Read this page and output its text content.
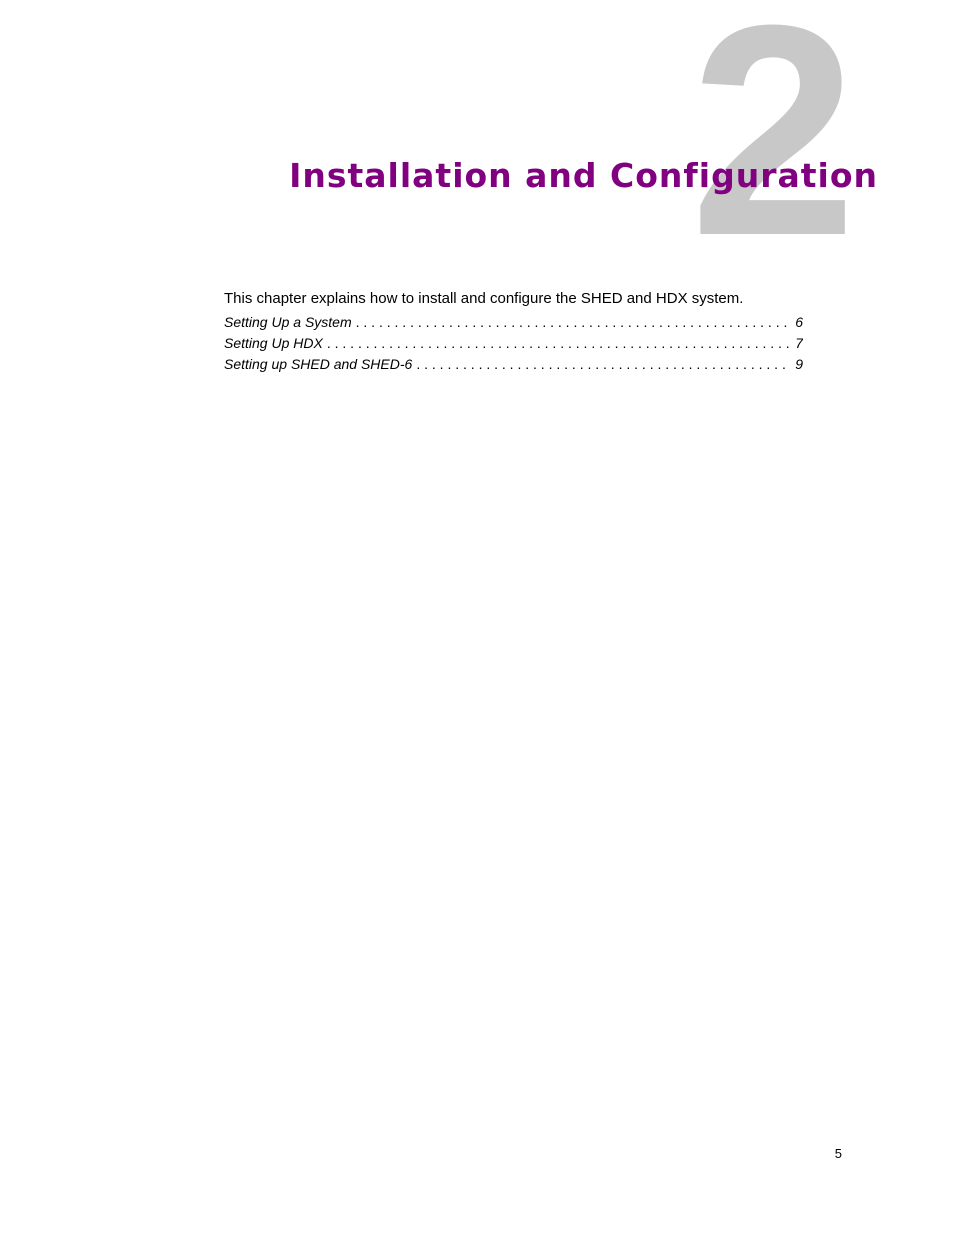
2
Installation and Configuration

This chapter explains how to install and configure the SHED and HDX system.

Setting Up a System . . .	6
Setting Up HDX . . .	7
Setting up SHED and SHED-6 . . .	9
5
